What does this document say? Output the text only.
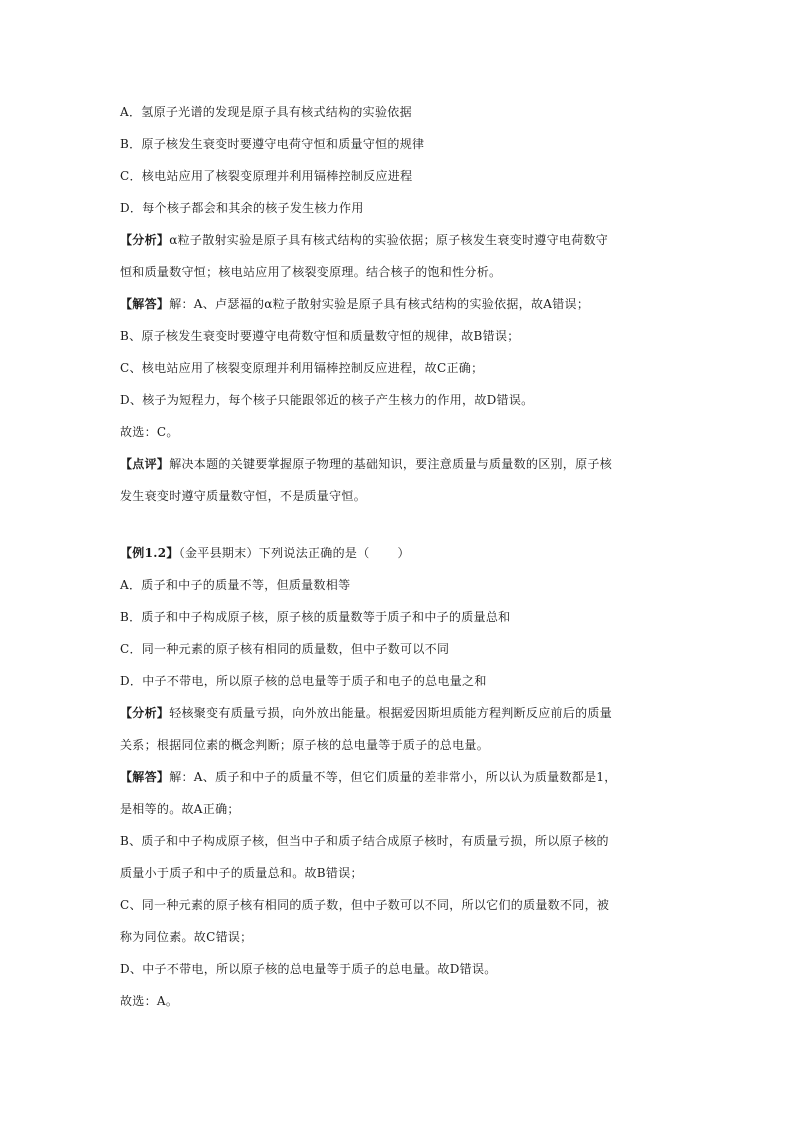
A．氢原子光谱的发现是原子具有核式结构的实验依据
B．原子核发生衰变时要遵守电荷守恒和质量守恒的规律
C．核电站应用了核裂变原理并利用镉棒控制反应进程
D．每个核子都会和其余的核子发生核力作用
【分析】α粒子散射实验是原子具有核式结构的实验依据；原子核发生衰变时遵守电荷数守
恒和质量数守恒；核电站应用了核裂变原理。结合核子的饱和性分析。
【解答】解：A、卢瑟福的α粒子散射实验是原子具有核式结构的实验依据，故A错误；
B、原子核发生衰变时要遵守电荷数守恒和质量数守恒的规律，故B错误；
C、核电站应用了核裂变原理并利用镉棒控制反应进程，故C正确；
D、核子为短程力，每个核子只能跟邻近的核子产生核力的作用，故D错误。
故选：C。
【点评】解决本题的关键要掌握原子物理的基础知识，要注意质量与质量数的区别，原子核
发生衰变时遵守质量数守恒，不是质量守恒。
【例1.2】（金平县期末）下列说法正确的是（ ）
A．质子和中子的质量不等，但质量数相等
B．质子和中子构成原子核，原子核的质量数等于质子和中子的质量总和
C．同一种元素的原子核有相同的质量数，但中子数可以不同
D．中子不带电，所以原子核的总电量等于质子和电子的总电量之和
【分析】轻核聚变有质量亏损，向外放出能量。根据爱因斯坦质能方程判断反应前后的质量
关系；根据同位素的概念判断；原子核的总电量等于质子的总电量。
【解答】解：A、质子和中子的质量不等，但它们质量的差非常小，所以认为质量数都是1，
是相等的。故A正确；
B、质子和中子构成原子核，但当中子和质子结合成原子核时，有质量亏损，所以原子核的
质量小于质子和中子的质量总和。故B错误；
C、同一种元素的原子核有相同的质子数，但中子数可以不同，所以它们的质量数不同，被
称为同位素。故C错误；
D、中子不带电，所以原子核的总电量等于质子的总电量。故D错误。
故选：A。
